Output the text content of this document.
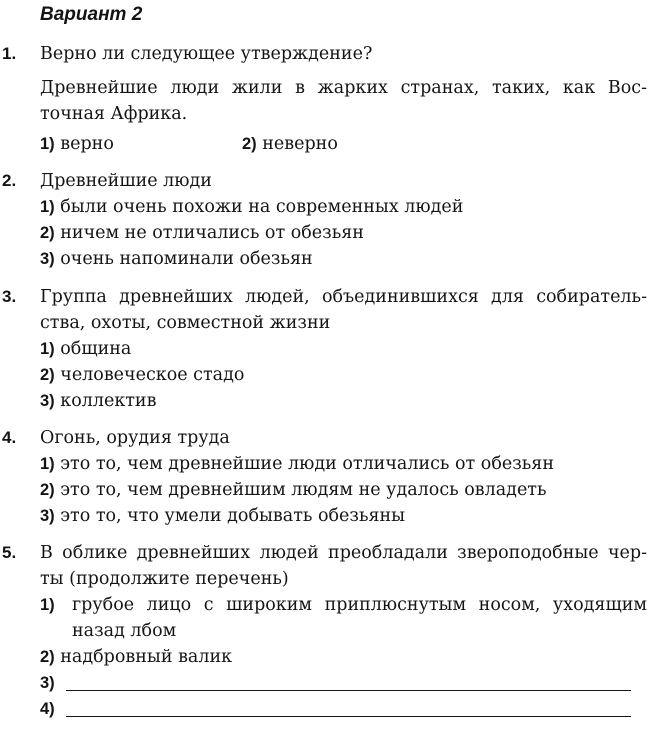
Вариант 2
1. Верно ли следующее утверждение?
Древнейшие люди жили в жарких странах, таких, как Вос-
точная Африка.
1) верно	2) неверно
2. Древнейшие люди
1) были очень похожи на современных людей
2) ничем не отличались от обезьян
3) очень напоминали обезьян
3. Группа древнейших людей, объединившихся для собиратель-
ства, охоты, совместной жизни
1) община
2) человеческое стадо
3) коллектив
4. Огонь, орудия труда
1) это то, чем древнейшие люди отличались от обезьян
2) это то, чем древнейшим людям не удалось овладеть
3) это то, что умели добывать обезьяны
5. В облике древнейших людей преобладали звероподобные чер-
ты (продолжите перечень)
1) грубое лицо с широким приплюснутым носом, уходящим
назад лбом
2) надбровный валик
3)
4)
